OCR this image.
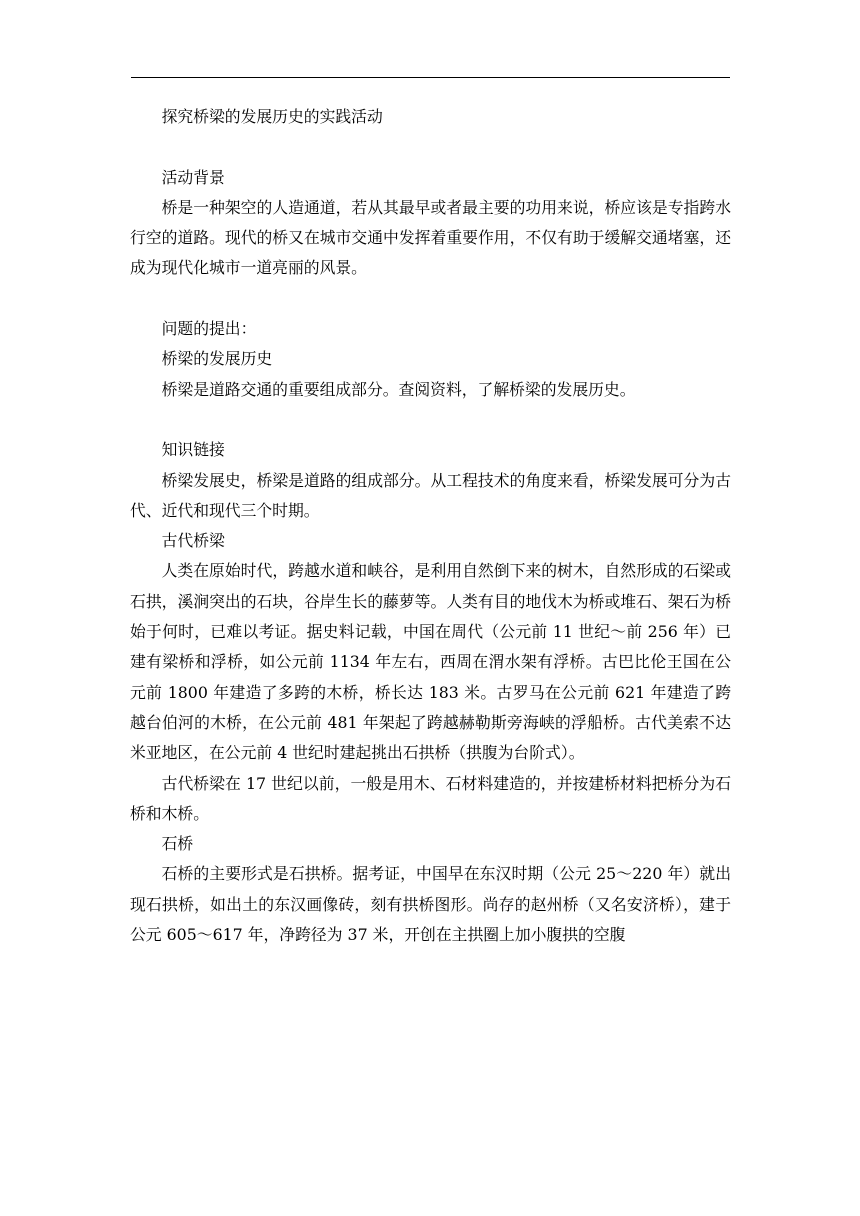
探究桥梁的发展历史的实践活动

活动背景

桥是一种架空的人造通道，若从其最早或者最主要的功用来说，桥应该是专指跨水行空的道路。现代的桥又在城市交通中发挥着重要作用，不仅有助于缓解交通堵塞，还成为现代化城市一道亮丽的风景。

问题的提出：

桥梁的发展历史

桥梁是道路交通的重要组成部分。查阅资料，了解桥梁的发展历史。

知识链接

桥梁发展史，桥梁是道路的组成部分。从工程技术的角度来看，桥梁发展可分为古代、近代和现代三个时期。

古代桥梁

人类在原始时代，跨越水道和峡谷，是利用自然倒下来的树木，自然形成的石梁或石拱，溪涧突出的石块，谷岸生长的藤萝等。人类有目的地伐木为桥或堆石、架石为桥始于何时，已难以考证。据史料记载，中国在周代（公元前 11 世纪～前 256 年）已建有梁桥和浮桥，如公元前 1134 年左右，西周在渭水架有浮桥。古巴比伦王国在公元前 1800 年建造了多跨的木桥，桥长达 183 米。古罗马在公元前 621 年建造了跨越台伯河的木桥，在公元前 481 年架起了跨越赫勒斯旁海峡的浮船桥。古代美索不达米亚地区，在公元前 4 世纪时建起挑出石拱桥（拱腹为台阶式）。

古代桥梁在 17 世纪以前，一般是用木、石材料建造的，并按建桥材料把桥分为石桥和木桥。

石桥

石桥的主要形式是石拱桥。据考证，中国早在东汉时期（公元 25～220 年）就出现石拱桥，如出土的东汉画像砖，刻有拱桥图形。尚存的赵州桥（又名安济桥），建于公元 605～617 年，净跨径为 37 米，开创在主拱圈上加小腹拱的空腹
